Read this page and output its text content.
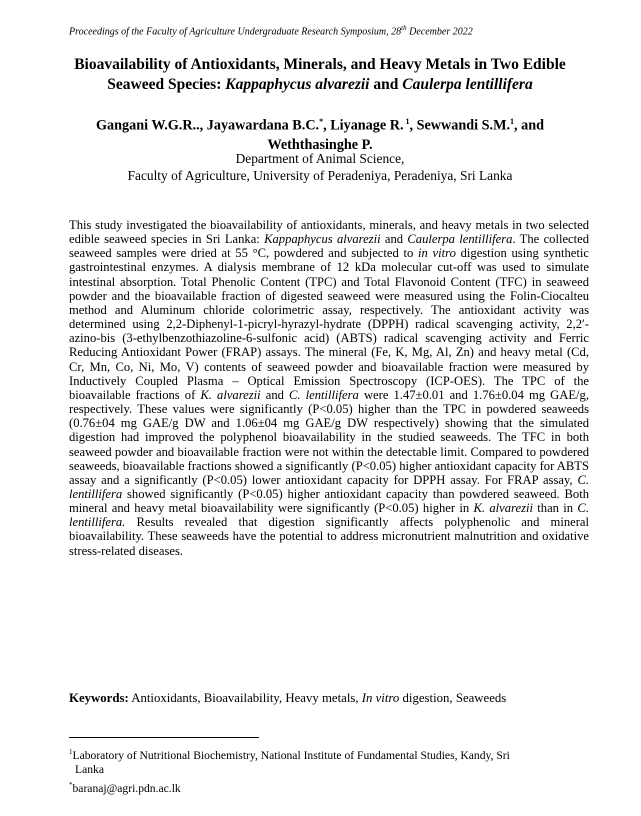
Proceedings of the Faculty of Agriculture Undergraduate Research Symposium, 28th December 2022
Bioavailability of Antioxidants, Minerals, and Heavy Metals in Two Edible
Seaweed Species: Kappaphycus alvarezii and Caulerpa lentillifera
Gangani W.G.R.., Jayawardana B.C.*, Liyanage R. $^1$, Sewwandi S.M.$^1$, and
Weththasinghe P.
Department of Animal Science,
Faculty of Agriculture, University of Peradeniya, Peradeniya, Sri Lanka

This study investigated the bioavailability of antioxidants, minerals, and heavy metals in two selected edible seaweed species in Sri Lanka: Kappaphycus alvarezii and Caulerpa lentillifera. The collected seaweed samples were dried at 55 °C, powdered and subjected to in vitro digestion using synthetic gastrointestinal enzymes. A dialysis membrane of 12 kDa molecular cut-off was used to simulate intestinal absorption. Total Phenolic Content (TPC) and Total Flavonoid Content (TFC) in seaweed powder and the bioavailable fraction of digested seaweed were measured using the Folin-Ciocalteu method and Aluminum chloride colorimetric assay, respectively. The antioxidant activity was determined using 2,2-Diphenyl-1-picryl-hyrazyl-hydrate (DPPH) radical scavenging activity, 2,2′-azino-bis (3-ethylbenzothiazoline-6-sulfonic acid) (ABTS) radical scavenging activity and Ferric Reducing Antioxidant Power (FRAP) assays. The mineral (Fe, K, Mg, Al, Zn) and heavy metal (Cd, Cr, Mn, Co, Ni, Mo, V) contents of seaweed powder and bioavailable fraction were measured by Inductively Coupled Plasma – Optical Emission Spectroscopy (ICP-OES). The TPC of the bioavailable fractions of K. alvarezii and C. lentillifera were 1.47±0.01 and 1.76±0.04 mg GAE/g, respectively. These values were significantly (P<0.05) higher than the TPC in powdered seaweeds (0.76±04 mg GAE/g DW and 1.06±04 mg GAE/g DW respectively) showing that the simulated digestion had improved the polyphenol bioavailability in the studied seaweeds. The TFC in both seaweed powder and bioavailable fraction were not within the detectable limit. Compared to powdered seaweeds, bioavailable fractions showed a significantly (P<0.05) higher antioxidant capacity for ABTS assay and a significantly (P<0.05) lower antioxidant capacity for DPPH assay. For FRAP assay, C. lentillifera showed significantly (P<0.05) higher antioxidant capacity than powdered seaweed. Both mineral and heavy metal bioavailability were significantly (P<0.05) higher in K. alvarezii than in C. lentillifera. Results revealed that digestion significantly affects polyphenolic and mineral bioavailability. These seaweeds have the potential to address micronutrient malnutrition and oxidative stress-related diseases.

Keywords: Antioxidants, Bioavailability, Heavy metals, In vitro digestion, Seaweeds

$^1$Laboratory of Nutritional Biochemistry, National Institute of Fundamental Studies, Kandy, Sri

Lanka

*baranaj@agri.pdn.ac.lk
